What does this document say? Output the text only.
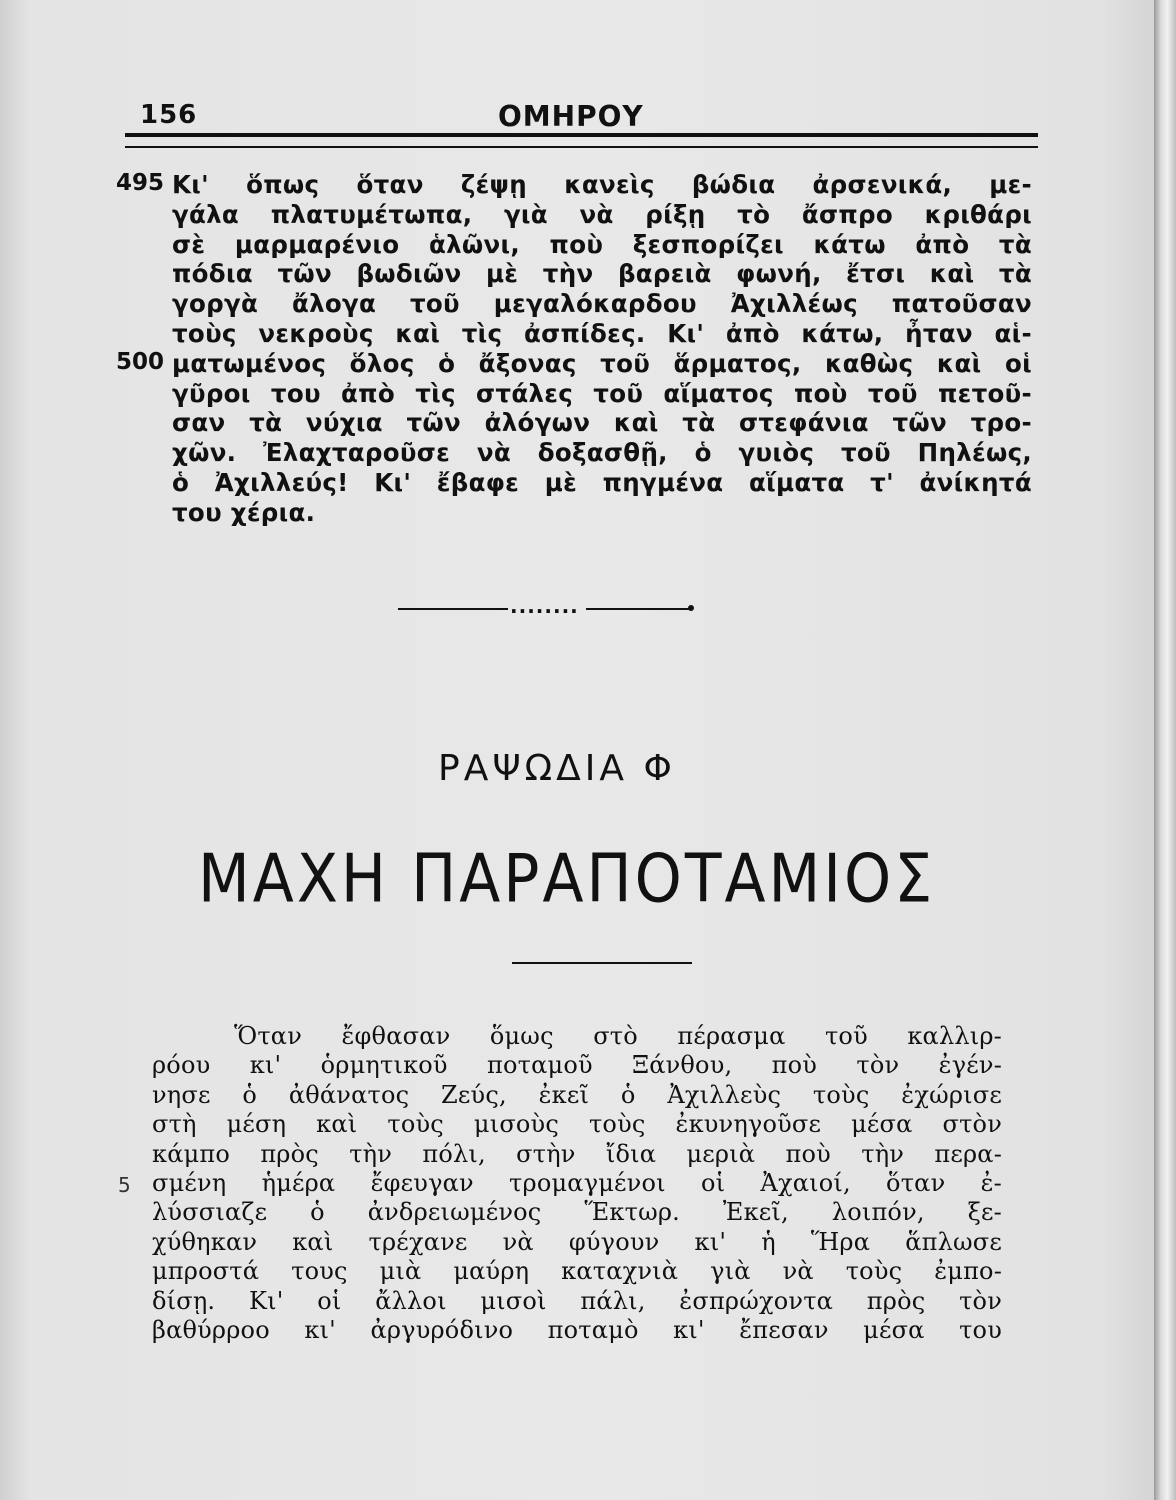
156	ΟΜΗΡΟΥ
495 Κι' ὅπως ὅταν ζέψῃ κανεὶς βώδια ἀρσενικά, με-
γάλα πλατυμέτωπα, γιὰ νὰ ρίξῃ τὸ ἄσπρο κριθάρι
σὲ μαρμαρένιο ἁλῶνι, ποὺ ξεσπορίζει κάτω ἀπὸ τὰ
πόδια τῶν βωδιῶν μὲ τὴν βαρειὰ φωνή, ἔτσι καὶ τὰ
γοργὰ ἄλογα τοῦ μεγαλόκαρδου Ἀχιλλέως πατοῦσαν
τοὺς νεκροὺς καὶ τὶς ἀσπίδες. Κι' ἀπὸ κάτω, ἦταν αἱ-
500 ματωμένος ὅλος ὁ ἄξονας τοῦ ἅρματος, καθὼς καὶ οἱ
γῦροι του ἀπὸ τὶς στάλες τοῦ αἵματος ποὺ τοῦ πετοῦ-
σαν τὰ νύχια τῶν ἀλόγων καὶ τὰ στεφάνια τῶν τρο-
χῶν. Ἐλαχταροῦσε νὰ δοξασθῇ, ὁ γυιὸς τοῦ Πηλέως,
ὁ Ἀχιλλεύς! Κι' ἔβαφε μὲ πηγμένα αἵματα τ' ἀνίκητά
του χέρια.
........
ΡΑΨΩΔΙΑ Φ
ΜΑΧΗ ΠΑΡΑΠΟΤΑΜΙΟΣ
Ὅταν ἔφθασαν ὅμως στὸ πέρασμα τοῦ καλλιρ-
ρόου κι' ὁρμητικοῦ ποταμοῦ Ξάνθου, ποὺ τὸν ἐγέν-
νησε ὁ ἀθάνατος Ζεύς, ἐκεῖ ὁ Ἀχιλλεὺς τοὺς ἐχώρισε
στὴ μέση καὶ τοὺς μισοὺς τοὺς ἐκυνηγοῦσε μέσα στὸν
κάμπο πρὸς τὴν πόλι, στὴν ἴδια μεριὰ ποὺ τὴν περα-
5 σμένη ἡμέρα ἔφευγαν τρομαγμένοι οἱ Ἀχαιοί, ὅταν ἐ-
λύσσιαζε ὁ ἀνδρειωμένος Ἕκτωρ. Ἐκεῖ, λοιπόν, ξε-
χύθηκαν καὶ τρέχανε νὰ φύγουν κι' ἡ Ἥρα ἅπλωσε
μπροστά τους μιὰ μαύρη καταχνιὰ γιὰ νὰ τοὺς ἐμπο-
δίσῃ. Κι' οἱ ἄλλοι μισοὶ πάλι, ἐσπρώχοντα πρὸς τὸν
βαθύρροο κι' ἀργυρόδινο ποταμὸ κι' ἔπεσαν μέσα του
